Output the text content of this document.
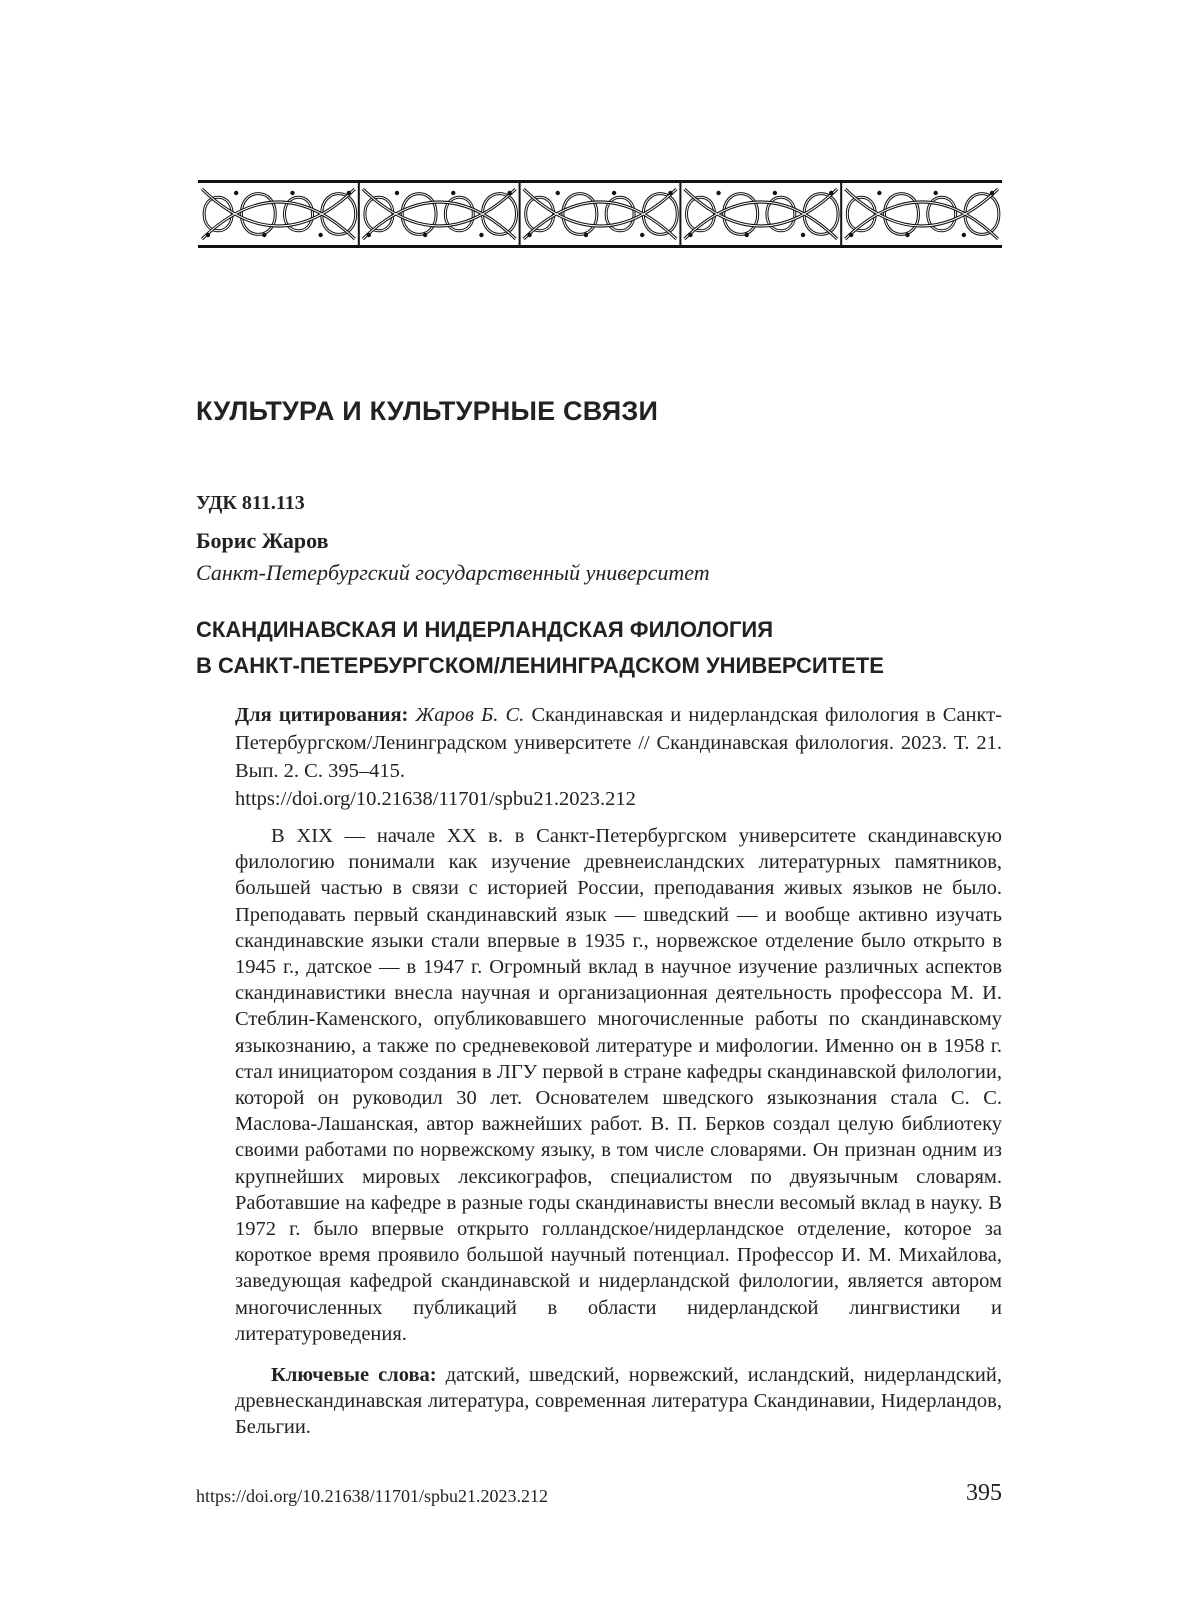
КУЛЬТУРА И КУЛЬТУРНЫЕ СВЯЗИ
УДК 811.113
Борис Жаров
Санкт-Петербургский государственный университет
СКАНДИНАВСКАЯ И НИДЕРЛАНДСКАЯ ФИЛОЛОГИЯ
В САНКТ-ПЕТЕРБУРГСКОМ/ЛЕНИНГРАДСКОМ УНИВЕРСИТЕТЕ
Для цитирования: Жаров Б. С. Скандинавская и нидерландская филология в Санкт-Петербургском/Ленинградском университете // Скандинавская филология. 2023. Т. 21. Вып. 2. С. 395–415.
https://doi.org/10.21638/11701/spbu21.2023.212

В XIX — начале XX в. в Санкт-Петербургском университете скандинавскую филологию понимали как изучение древнеисландских литературных памятников, большей частью в связи с историей России, преподавания живых языков не было. Преподавать первый скандинавский язык — шведский — и вообще активно изучать скандинавские языки стали впервые в 1935 г., норвежское отделение было открыто в 1945 г., датское — в 1947 г. Огромный вклад в научное изучение различных аспектов скандинавистики внесла научная и организационная деятельность профессора М. И. Стеблин-Каменского, опубликовавшего многочисленные работы по скандинавскому языкознанию, а также по средневековой литературе и мифологии. Именно он в 1958 г. стал инициатором создания в ЛГУ первой в стране кафедры скандинавской филологии, которой он руководил 30 лет. Основателем шведского языкознания стала С. С. Маслова-Лашанская, автор важнейших работ. В. П. Берков создал целую библиотеку своими работами по норвежскому языку, в том числе словарями. Он признан одним из крупнейших мировых лексикографов, специалистом по двуязычным словарям. Работавшие на кафедре в разные годы скандинависты внесли весомый вклад в науку. В 1972 г. было впервые открыто голландское/нидерландское отделение, которое за короткое время проявило большой научный потенциал. Профессор И. М. Михайлова, заведующая кафедрой скандинавской и нидерландской филологии, является автором многочисленных публикаций в области нидерландской лингвистики и литературоведения.

Ключевые слова: датский, шведский, норвежский, исландский, нидерландский, древнескандинавская литература, современная литература Скандинавии, Нидерландов, Бельгии.

https://doi.org/10.21638/11701/spbu21.2023.212	395
